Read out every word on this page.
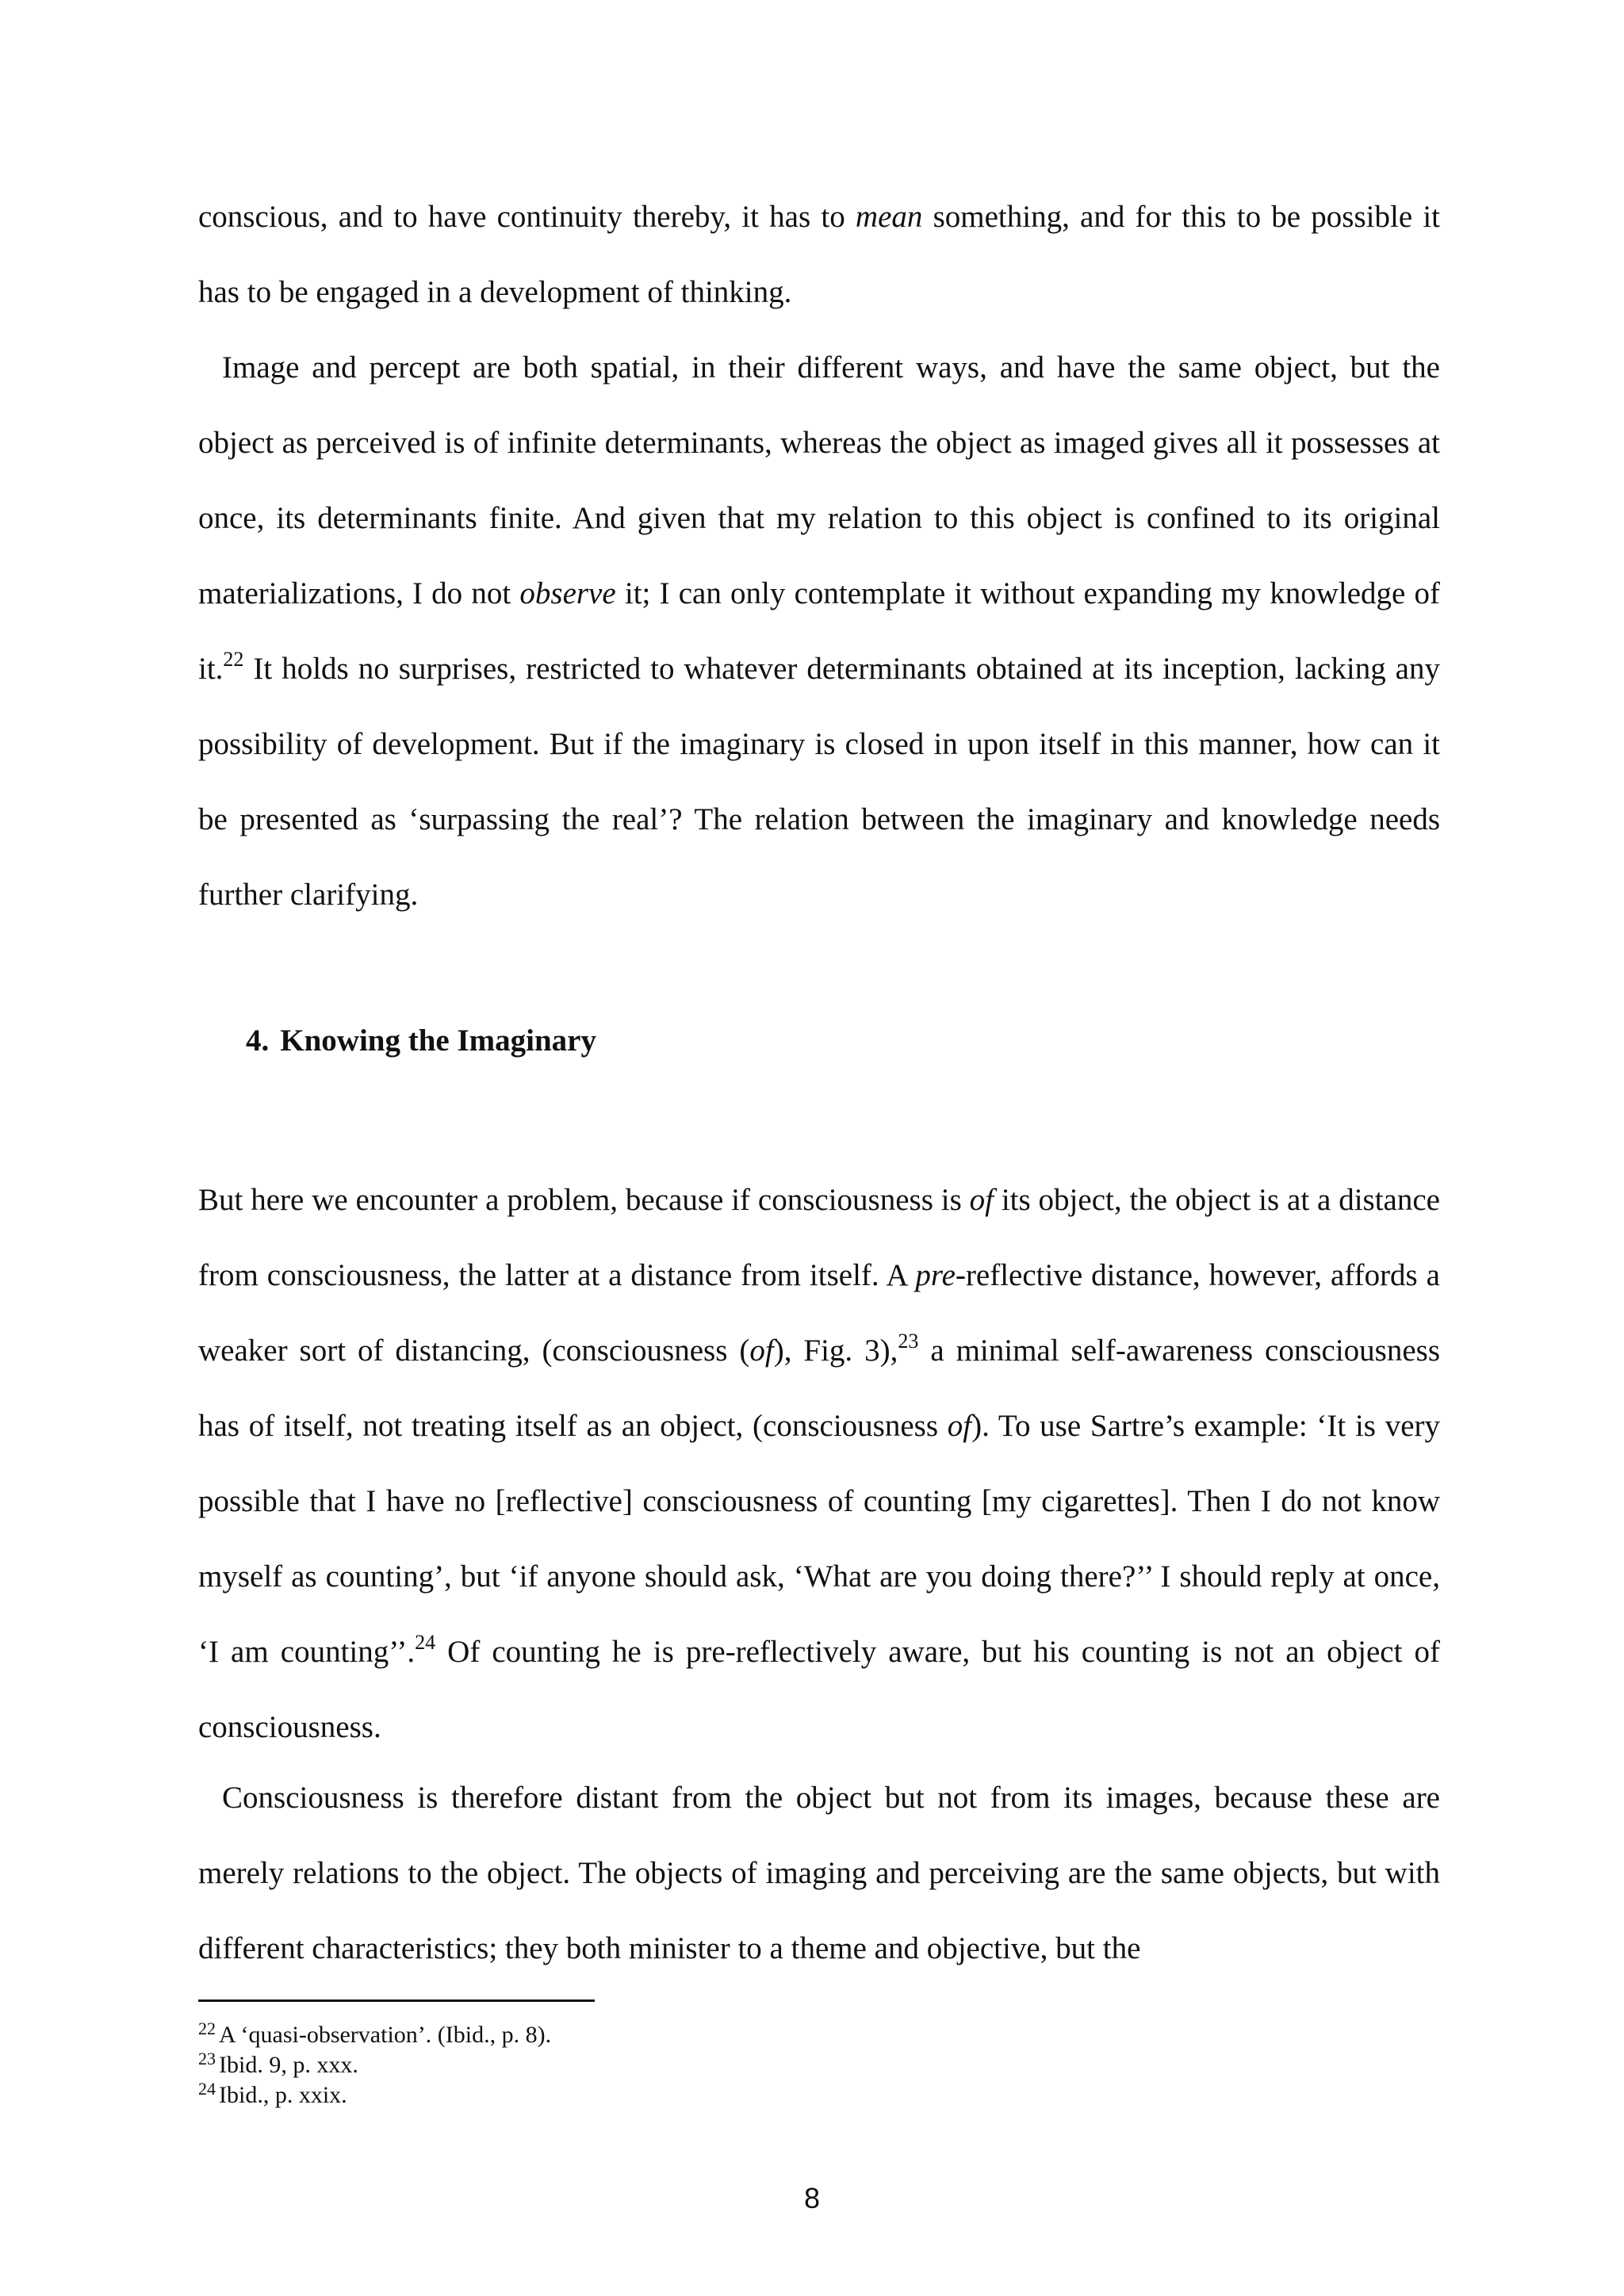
conscious, and to have continuity thereby, it has to mean something, and for this to be possible it has to be engaged in a development of thinking.

Image and percept are both spatial, in their different ways, and have the same object, but the object as perceived is of infinite determinants, whereas the object as imaged gives all it possesses at once, its determinants finite. And given that my relation to this object is confined to its original materializations, I do not observe it; I can only contemplate it without expanding my knowledge of it.$^{22}$ It holds no surprises, restricted to whatever determinants obtained at its inception, lacking any possibility of development. But if the imaginary is closed in upon itself in this manner, how can it be presented as ‘surpassing the real’? The relation between the imaginary and knowledge needs further clarifying.

4. Knowing the Imaginary

But here we encounter a problem, because if consciousness is of its object, the object is at a distance from consciousness, the latter at a distance from itself. A pre-reflective distance, however, affords a weaker sort of distancing, (consciousness (of), Fig. 3),$^{23}$ a minimal self-awareness consciousness has of itself, not treating itself as an object, (consciousness of). To use Sartre’s example: ‘It is very possible that I have no [reflective] consciousness of counting [my cigarettes]. Then I do not know myself as counting’, but ‘if anyone should ask, ‘What are you doing there?’’ I should reply at once, ‘I am counting’’.$^{24}$ Of counting he is pre-reflectively aware, but his counting is not an object of consciousness.

Consciousness is therefore distant from the object but not from its images, because these are merely relations to the object. The objects of imaging and perceiving are the same objects, but with different characteristics; they both minister to a theme and objective, but the

$^{22}$ A ‘quasi-observation’. (Ibid., p. 8).

$^{23}$ Ibid. 9, p. xxx.

$^{24}$ Ibid., p. xxix.

8
